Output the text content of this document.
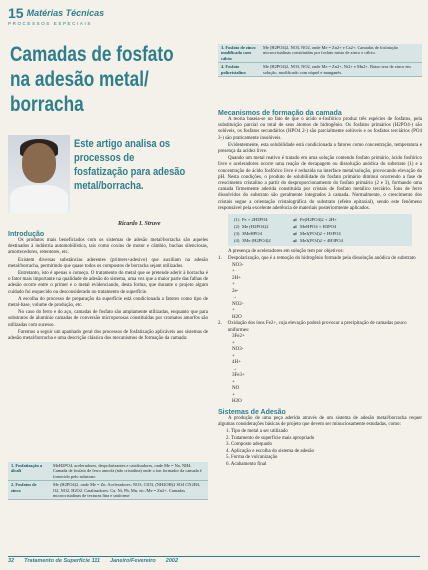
15 Matérias Técnicas
PROCESSOS ESPECIAIS
Camadas de fosfato na adesão metal/ borracha
Este artigo analisa os processos de fosfatização para adesão metal/borracha.
Ricardo I. Struve
Introdução

Os produtos mais beneficiados com os sistemas de adesão metal/borracha são aqueles destinados à indústria automobilística, tais como coxins de motor e câmbio, buchas silenciosas, amortecedores, retentores, etc.

Existem diversas substâncias aderentes (primers+adesivo) que auxiliam na adesão metal/borracha, permitindo que quase todos os compostos de borracha sejam utilizados.

Entretanto, isto é apenas o começo. O tratamento do metal que se pretende aderir à borracha é o fator mais importante na qualidade de adesão do sistema, uma vez que a maior parte das falhas de adesão ocorre entre o primer e o metal evidenciando, desta forma, que durante o projeto algum cuidado foi esquecido ou desconsiderado no tratamento de superfície.

A escolha do processo de preparação da superfície está condicionada a fatores como tipo de metal-base, volume de produção, etc.

No caso do ferro e do aço, camadas de fosfato são amplamente utilizadas, enquanto que para substratos de alumínio camadas de conversão microporosas constituídas por cromatos amorfos são utilizadas com sucesso.

Faremos a seguir um apanhado geral dos processos de fosfatização aplicáveis aos sistemas de adesão metal/borracha e uma descrição clássica dos mecanismos de formação da camada:

1. Fosfatização a álcali	MeH2PO4, aceleradores, despolarizantes e catalisadores, onde Me = Na, NH4. Camada de fosfato de ferro amorfa (não cristalina) onde o íon formador da camada é fornecido pelo substrato
2. Fosfatos de zinco	Me (H2PO4)2, onde Me = Zn. Aceleradores: NO3, ClO3, (NH2OH)2 SO4 CN2H4, O2, NO2, H2O2. Catalisadores: Cu, Ni, Pb, Mn, etc./Me = Zn2+. Camadas microcristalinas de texturas fina e uniforme
3. Fosfato de zinco modificado com cálcio	Me (H2PO4)2, NO3, NO2, onde Me = Zn2+ e Ca2+. Camadas de fosfatação microcristalinas constituídas por fosfato misto de zinco e cálcio.
4. Fosfato policristalino	Me (H2PO4)2, NO3, NO2, onde Me = Zn2+, Ni2+ e Mn2+. Baixo teor de zinco em solução, modificado com níquel e manganês.
Mecanismos de formação da camada

A teoria baseia-se no fato de que o ácido o-fosfórico produz três espécies de fosfatos, pela substituição parcial ou total de seus átomos de hidrogênio. Os fosfatos primários (H2PO4-) são solúveis, os fosfatos secundários (HPO4 2-) são parcialmente solúveis e os fosfatos terciários (PO4 3-) são praticamente insolúveis.

Evidentemente, esta solubilidade está condicionada a fatores como concentração, temperatura e presença da acidez livre.

Quando um metal reativo é tratado em uma solução contendo fosfato primário, ácido fosfórico livre e aceleradores ocorre uma reação de decapagem ou dissolução anódica do substrato (1) e a concentração de ácido fosfórico livre é reduzida na interface metal/solução, provocando elevação do pH. Nesta condições, o produto de solubilidade do fosfato primário diminui ocorrendo a fase de crescimento cristalino a partir do desproporcionamento do fosfato primário (2 e 3), formando uma camada firmemente aderida constituída por cristais de fosfato metálico terciário. Íons de ferro dissolvidos do substrato são geralmente integrados à camada. Normalmente, o crescimento dos cristais segue a orientação cristalográfica do substrato (efeito epitaxial), sendo este fenômeno responsável pela excelente aderência de materiais posteriormente aplicados.

(1) Fe + 2H3PO4	⇌ Fe(H2PO4)2 + 2H+
(2) Me (H2PO4)2	⇌ MeHPO4 + H3PO4
(3) 3MeHPO4	⇌ Me3(PO4)2 + H3PO4
(4) 3Me (H2PO4)2	⇌ Me3(PO4)2 + 4H3PO4

A presença de aceleradores em solução tem por objetivos:

1.	Despolarização, que é a remoção do hidrogênio formado pela dissolução anódica do substrato
NO3- + 2H+ + 2e- → NO2- + H2O
2.	Oxidação dos íons Fe2+, cuja elevação poderá provocar a precipitação de camadas pouco uniformes:
3Fe2+ + NO3- + 4H+ → 3Fe3+ + NO + H2O
Sistemas de Adesão

A produção de uma peça aderida através de um sistema de adesão metal/borracha requer algumas considerações básicas de projeto que devem ser minuciosamente estudadas, como:

1. Tipo de metal a ser utilizado
2. Tratamento de superfície mais apropriado
3. Composto adequado
4. Aplicação e escolha do sistema de adesão
5. Forma de vulcanização
6. Acabamento final
32 Tratamento de Superfície 111 Janeiro/Fevereiro 2002
